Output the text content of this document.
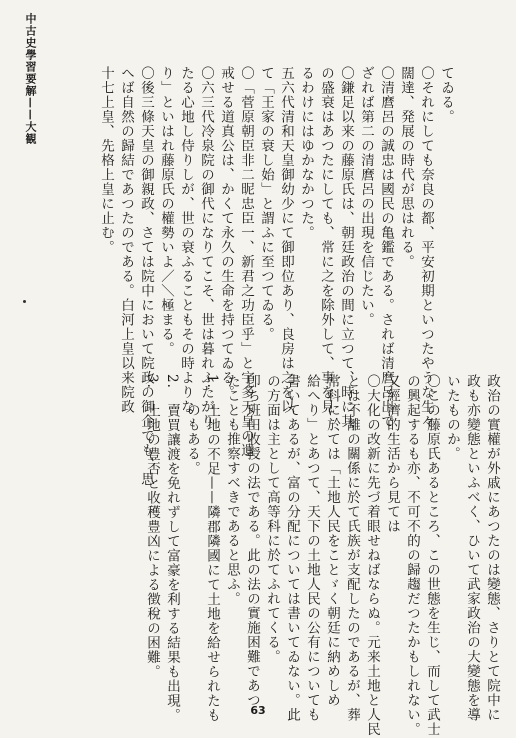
中古史學習要解——大観	てゐる。
〇それにしても奈良の都、平安初期といつたやうな生々
闊達、発展の時代が思はれる。
〇清麿呂の誠忠は國民の亀鑑である。されば清麿呂出で
ざれば第二の清麿呂の出現を信じたい。
〇鎌足以来の藤原氏は、朝廷政治の間に立つて、時に其
の盛衰はあつたにしても、常に之を除外して、事を見
るわけにはゆかなかつた。
五六代清和天皇御幼少にて御即位あり、良房は之を以
て「王家の衰し始」と謂ふに至つてゐる。
〇「菅原朝臣非二昵忠臣一、新君之功臣乎」と宇多天皇の遺
戒せる道真公は、かくて永久の生命を持つてゐる。
〇六三代冷泉院の御代になりてこそ、世は暮れふたがり
たる心地し侍りしが、世の衰ふることもその時よりな
り」といはれ藤原氏の權勢いよ／＼極まる。
〇後三條天皇の御親政、さては院中において院政の御企でも、思
へば自然の歸結であつたのである。白河上皇以来院政
十七上皇、先格上皇に止む。
政治の實權が外戚にあつたのは變態、さりとて院中に
政も亦變態といふべく、ひいて武家政治の大變態を導
いたものか。
〇この藤原氏あるところ、この世態を生じ、而して武士
の興起するも亦、不可不的の歸趨だつたかもしれない。
又經濟的生活から見ては
〇大化の改新に先づ着眼せねばならぬ。元来土地と人民
とは不離の關係に於て氏族が支配したのであるが、葬
常科に於ては「土地人民をことゞく朝廷に納めしめ
給へり」とあつて、天下の土地人民の公有についても
書いてあるが、富の分配については書いてゐない。此
の方面は主として高等科に於てふれてくる。
卽ち班田收授の法である。此の法の實施困難であつ
たことも推察すべきであると思ふ。
1.　土地の不足——隣郡隣國にて土地を給せられたも
　　のもある。
2.　賣買讓渡を免れずして富豪を利する結果も出現。
3.　土地の豊否と收穫豊凶による徴稅の困難。
63
